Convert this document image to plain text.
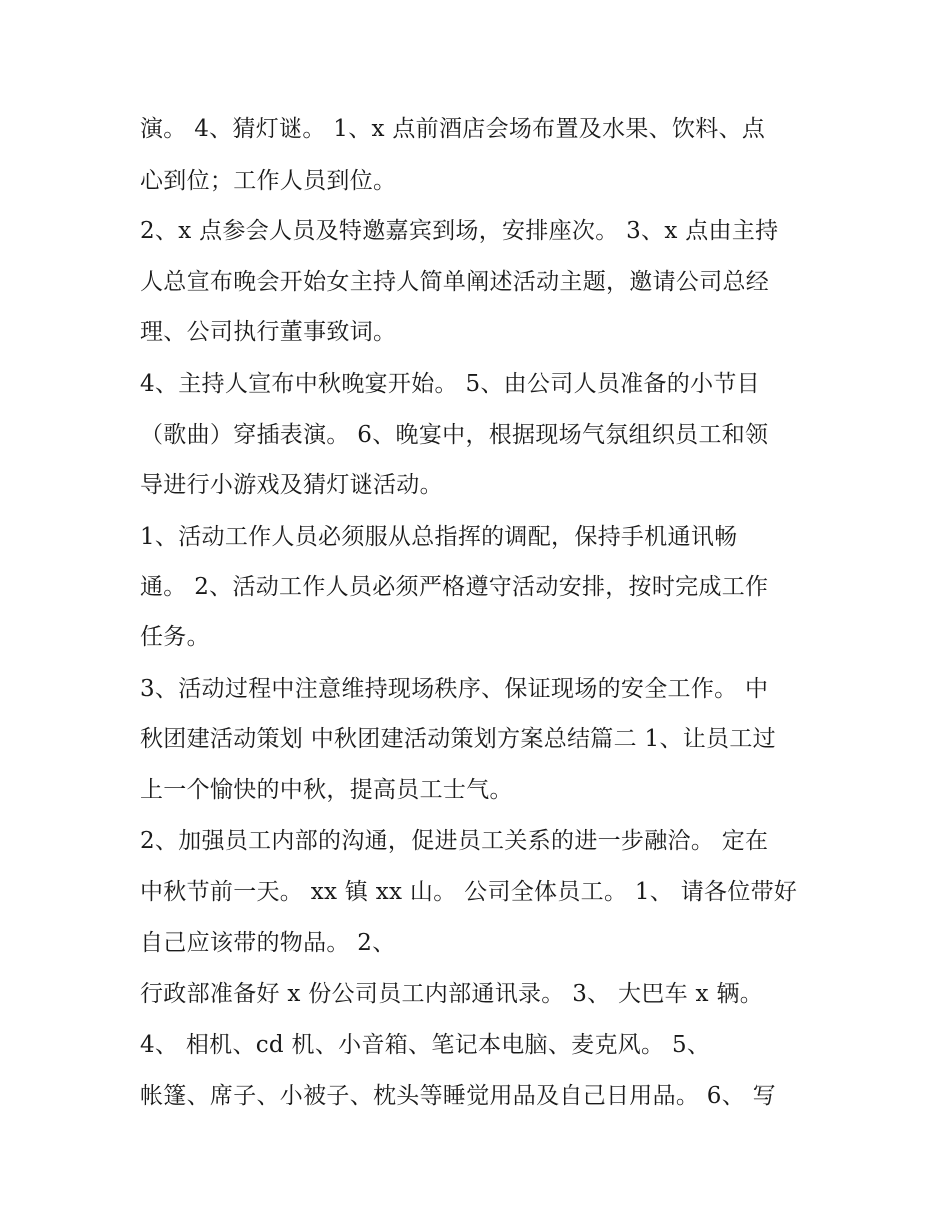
演。 4、猜灯谜。 1、x 点前酒店会场布置及水果、饮料、点
心到位；工作人员到位。
2、x 点参会人员及特邀嘉宾到场，安排座次。 3、x 点由主持
人总宣布晚会开始女主持人简单阐述活动主题，邀请公司总经
理、公司执行董事致词。
4、主持人宣布中秋晚宴开始。 5、由公司人员准备的小节目
（歌曲）穿插表演。 6、晚宴中，根据现场气氛组织员工和领
导进行小游戏及猜灯谜活动。
1、活动工作人员必须服从总指挥的调配，保持手机通讯畅
通。 2、活动工作人员必须严格遵守活动安排，按时完成工作
任务。
3、活动过程中注意维持现场秩序、保证现场的安全工作。 中
秋团建活动策划 中秋团建活动策划方案总结篇二 1、让员工过
上一个愉快的中秋，提高员工士气。
2、加强员工内部的沟通，促进员工关系的进一步融洽。 定在
中秋节前一天。 xx 镇 xx 山。 公司全体员工。 1、 请各位带好
自己应该带的物品。 2、
行政部准备好 x 份公司员工内部通讯录。 3、 大巴车 x 辆。
4、 相机、cd 机、小音箱、笔记本电脑、麦克风。 5、
帐篷、席子、小被子、枕头等睡觉用品及自己日用品。 6、 写
